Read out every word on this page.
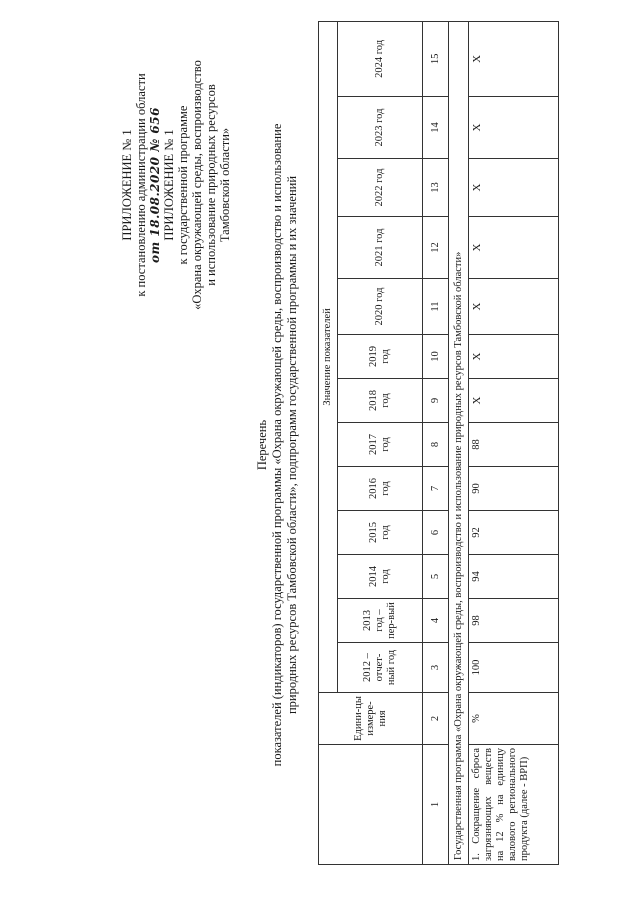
ПРИЛОЖЕНИЕ № 1 к постановлению администрации области от 18.08.2020 № 656 ПРИЛОЖЕНИЕ № 1 к государственной программе «Охрана окружающей среды, воспроизводство и использование природных ресурсов Тамбовской области»
Перечень показателей (индикаторов) государственной программы «Охрана окружающей среды, воспроизводство и использование природных ресурсов Тамбовской области», подпрограмм государственной программы и их значений
	Едини-цы измере-ния	Значение показателей												
		2012 – отчет-ный год	2013 год – пер-вый	2014 год	2015 год	2016 год	2017 год	2018 год	2019 год	2020 год	2021 год	2022 год	2023 год	2024 год
1	2	3	4	5	6	7	8	9	10	11	12	13	14	15
Государственная программа «Охрана окружающей среды, воспроизводство и использование природных ресурсов Тамбовской области»														
1. Сокращение сброса загрязняющих веществ на 12 % на единицу валового регионального продукта (далее - ВРП)	%	100	98	94	92	90	88	X	X	X	X	X	X	X
